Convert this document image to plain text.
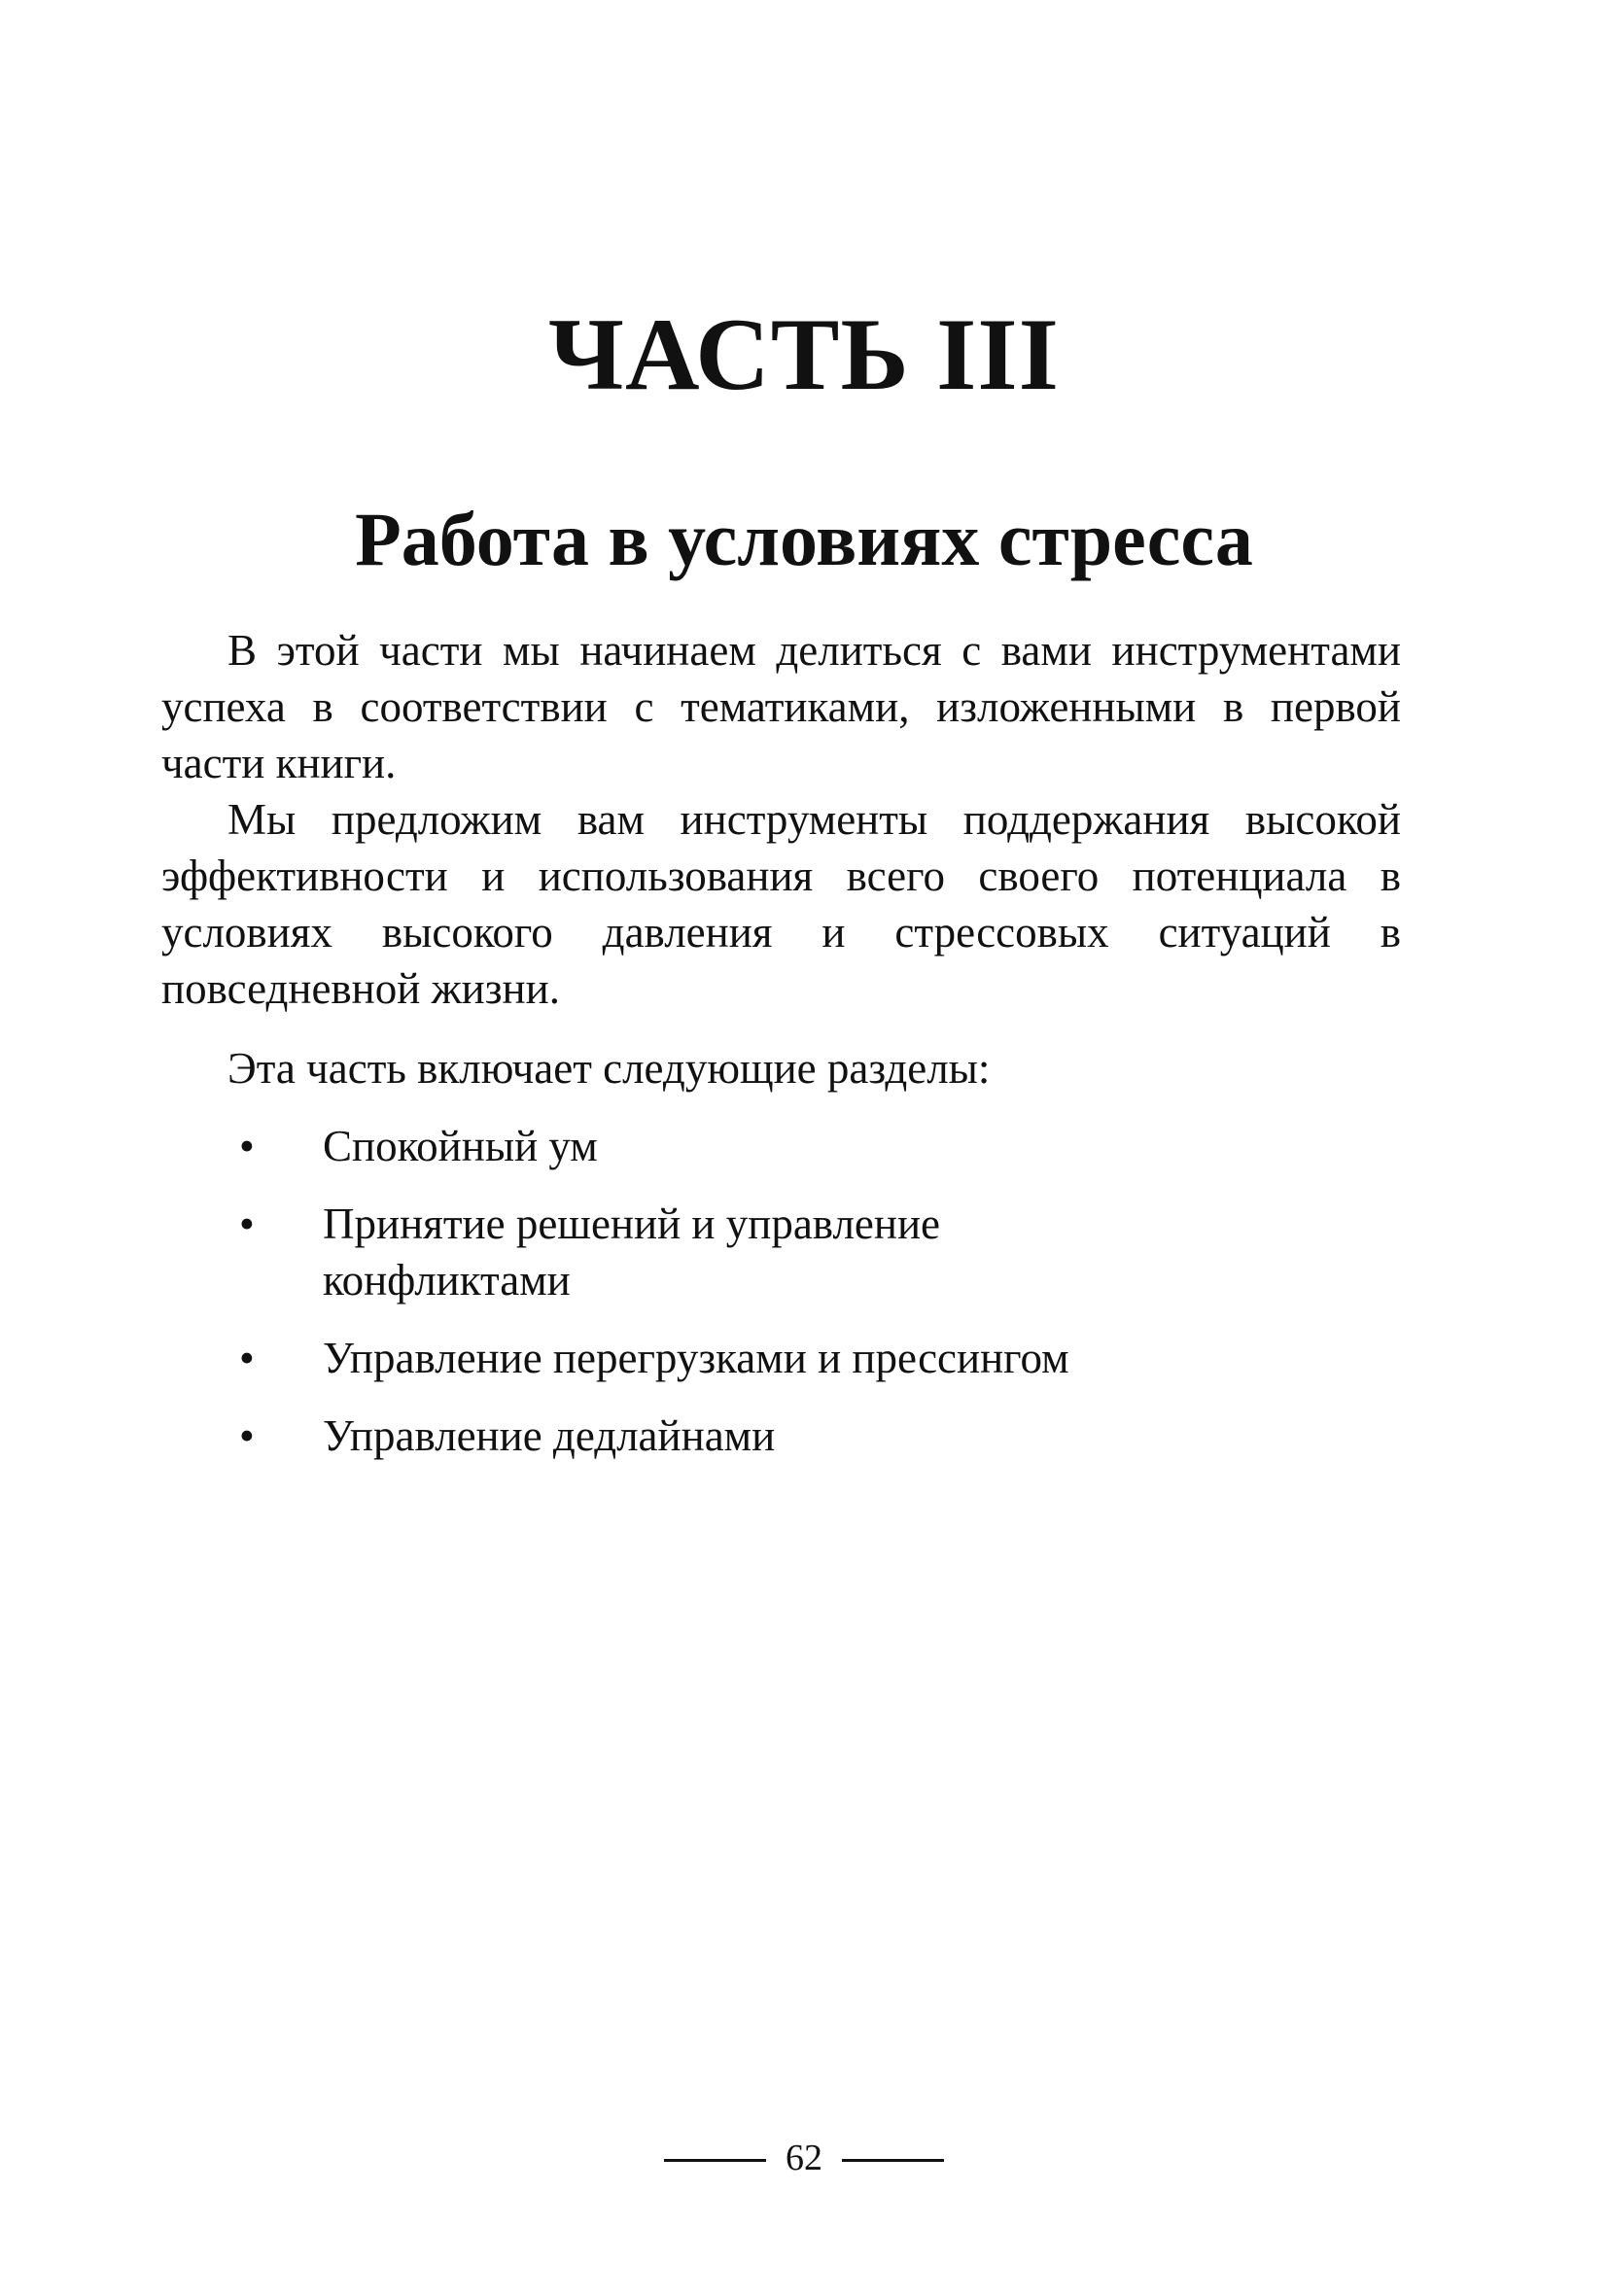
ЧАСТЬ III
Работа в условиях стресса

В этой части мы начинаем делиться с вами инструментами успеха в соответствии с тематиками, изложенными в первой части книги.

Мы предложим вам инструменты поддержания высокой эффективности и использования всего своего потенциала в условиях высокого давления и стрессовых ситуаций в повседневной жизни.

Эта часть включает следующие разделы:

• Спокойный ум
• Принятие решений и управление конфликтами
• Управление перегрузками и прессингом
• Управление дедлайнами
62
